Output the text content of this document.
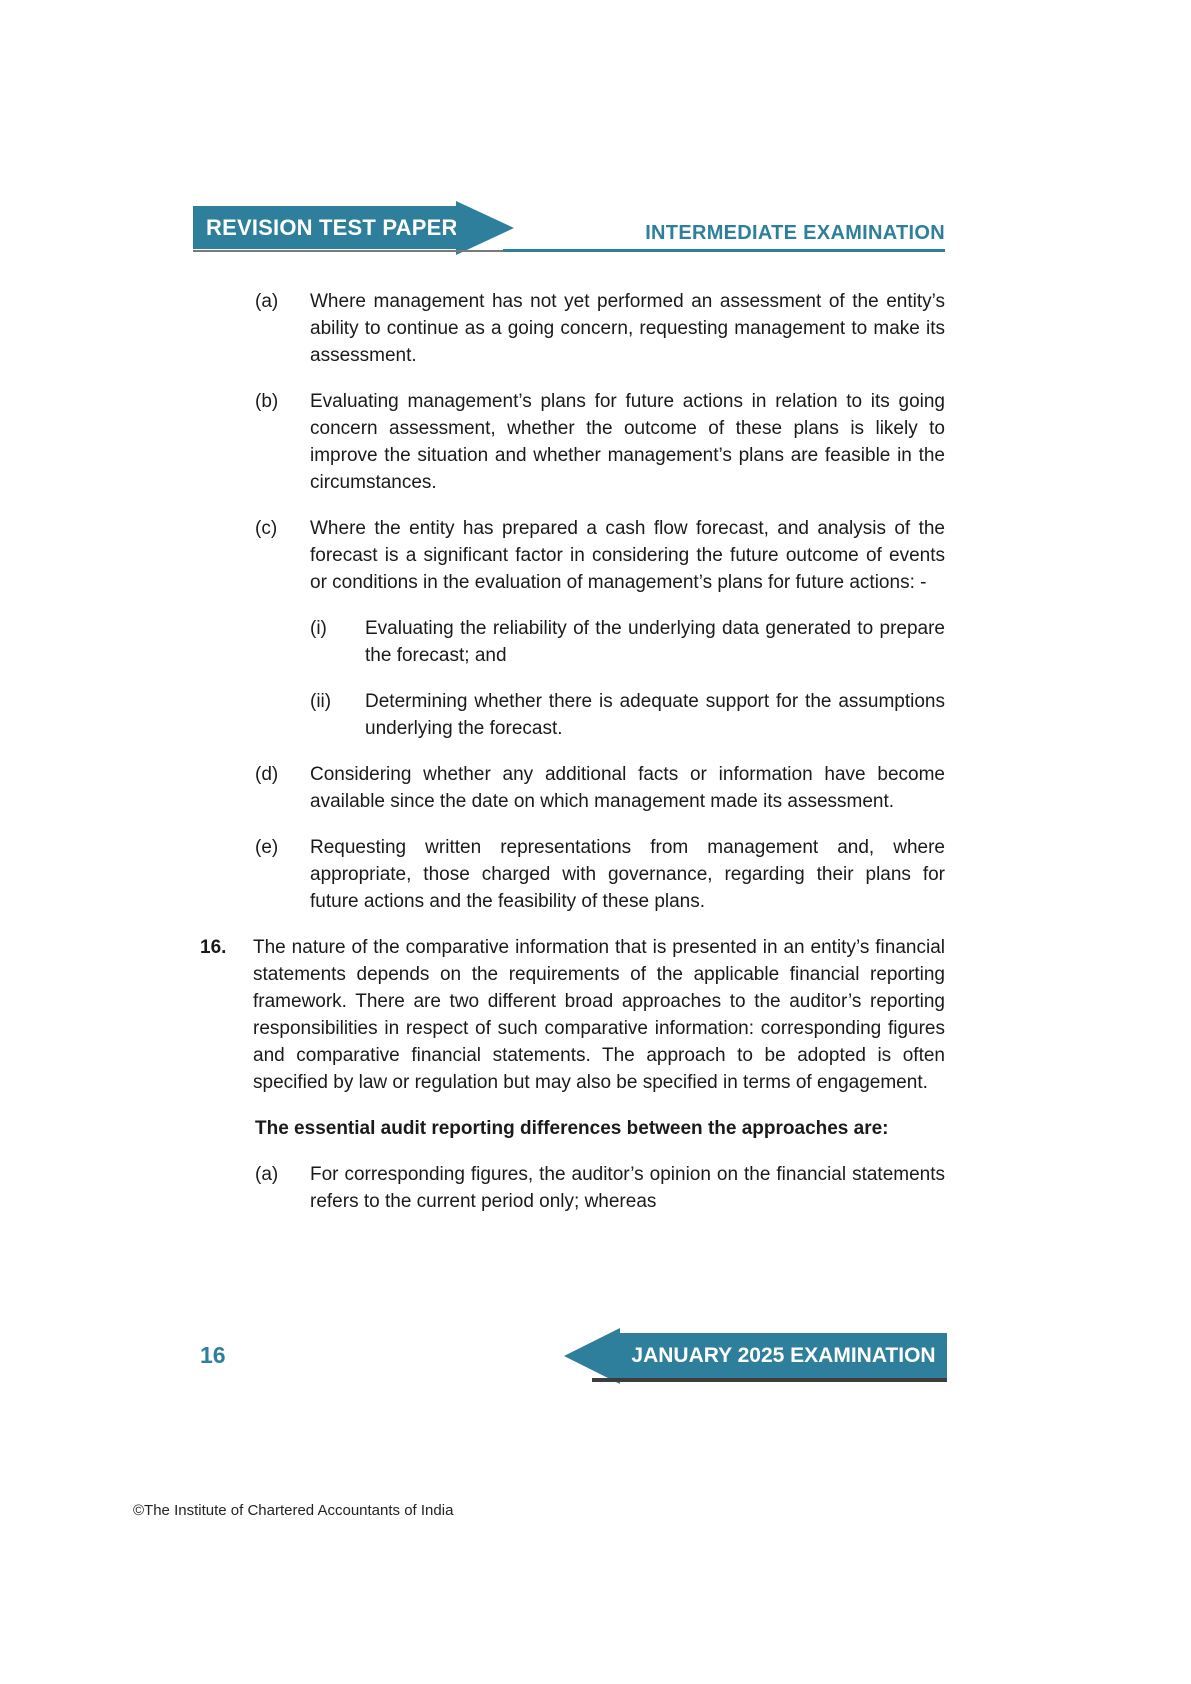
REVISION TEST PAPER	INTERMEDIATE EXAMINATION
(a)	Where management has not yet performed an assessment of the entity’s ability to continue as a going concern, requesting management to make its assessment.
(b)	Evaluating management’s plans for future actions in relation to its going concern assessment, whether the outcome of these plans is likely to improve the situation and whether management’s plans are feasible in the circumstances.
(c)	Where the entity has prepared a cash flow forecast, and analysis of the forecast is a significant factor in considering the future outcome of events or conditions in the evaluation of management’s plans for future actions: -
(i)	Evaluating the reliability of the underlying data generated to prepare the forecast; and
(ii)	Determining whether there is adequate support for the assumptions underlying the forecast.
(d)	Considering whether any additional facts or information have become available since the date on which management made its assessment.
(e)	Requesting written representations from management and, where appropriate, those charged with governance, regarding their plans for future actions and the feasibility of these plans.
16.	The nature of the comparative information that is presented in an entity’s financial statements depends on the requirements of the applicable financial reporting framework. There are two different broad approaches to the auditor’s reporting responsibilities in respect of such comparative information: corresponding figures and comparative financial statements. The approach to be adopted is often specified by law or regulation but may also be specified in terms of engagement.
The essential audit reporting differences between the approaches are:
(a)	For corresponding figures, the auditor’s opinion on the financial statements refers to the current period only; whereas
16	JANUARY 2025 EXAMINATION
©The Institute of Chartered Accountants of India
